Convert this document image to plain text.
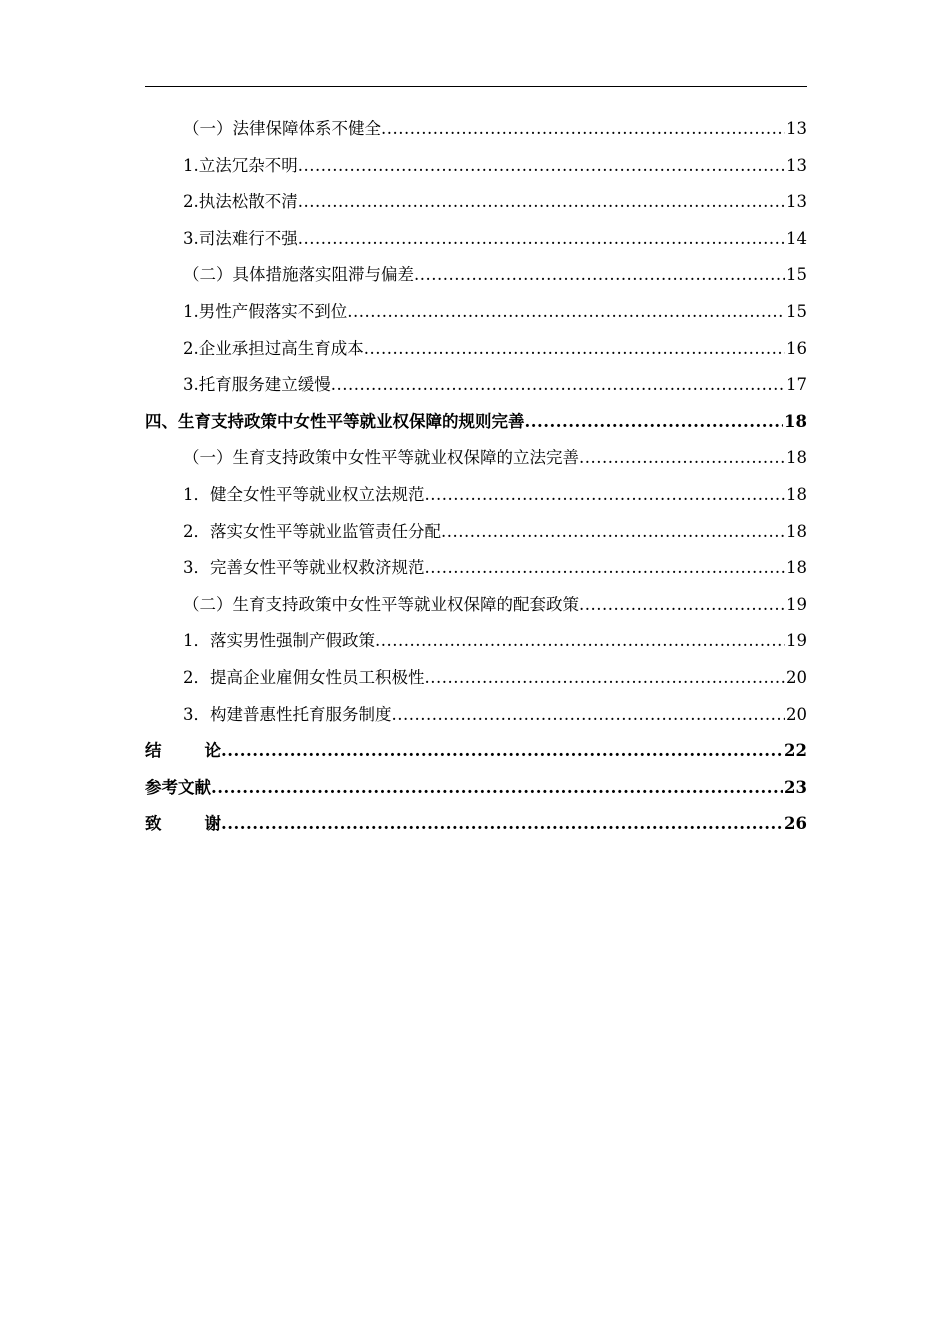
（一）法律保障体系不健全 .....	13
1.立法冗杂不明 .....	13
2.执法松散不清 .....	13
3.司法难行不强 .....	14
（二）具体措施落实阻滞与偏差 .....	15
1.男性产假落实不到位 .....	15
2.企业承担过高生育成本 .....	16
3.托育服务建立缓慢 .....	17
四、生育支持政策中女性平等就业权保障的规则完善 .....	18
（一）生育支持政策中女性平等就业权保障的立法完善 .....	18
1．健全女性平等就业权立法规范 .....	18
2．落实女性平等就业监管责任分配 .....	18
3．完善女性平等就业权救济规范 .....	18
（二）生育支持政策中女性平等就业权保障的配套政策 .....	19
1．落实男性强制产假政策 .....	19
2．提高企业雇佣女性员工积极性 .....	20
3．构建普惠性托育服务制度 .....	20
结	论 .....	22
参考文献 .....	23
致	谢 .....	26
